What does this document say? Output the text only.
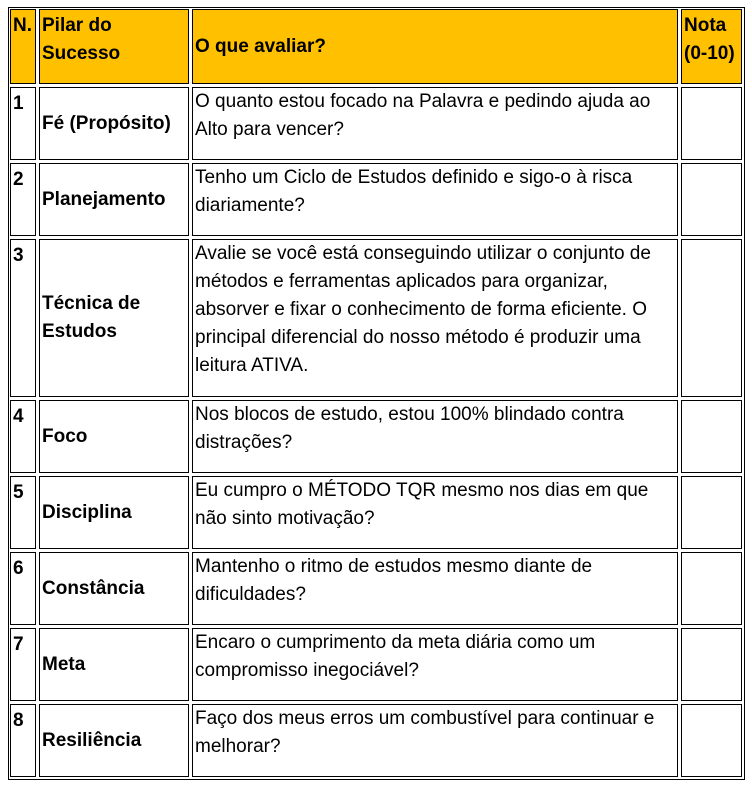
N.	Pilar do Sucesso	O que avaliar?	Nota (0-10)
1	Fé (Propósito)	O quanto estou focado na Palavra e pedindo ajuda ao Alto para vencer?	
2	Planejamento	Tenho um Ciclo de Estudos definido e sigo-o à risca diariamente?	
3	Técnica de Estudos	Avalie se você está conseguindo utilizar o conjunto de métodos e ferramentas aplicados para organizar, absorver e fixar o conhecimento de forma eficiente. O principal diferencial do nosso método é produzir uma leitura ATIVA.	
4	Foco	Nos blocos de estudo, estou 100% blindado contra distrações?	
5	Disciplina	Eu cumpro o MÉTODO TQR mesmo nos dias em que não sinto motivação?	
6	Constância	Mantenho o ritmo de estudos mesmo diante de dificuldades?	
7	Meta	Encaro o cumprimento da meta diária como um compromisso inegociável?	
8	Resiliência	Faço dos meus erros um combustível para continuar e melhorar?	
